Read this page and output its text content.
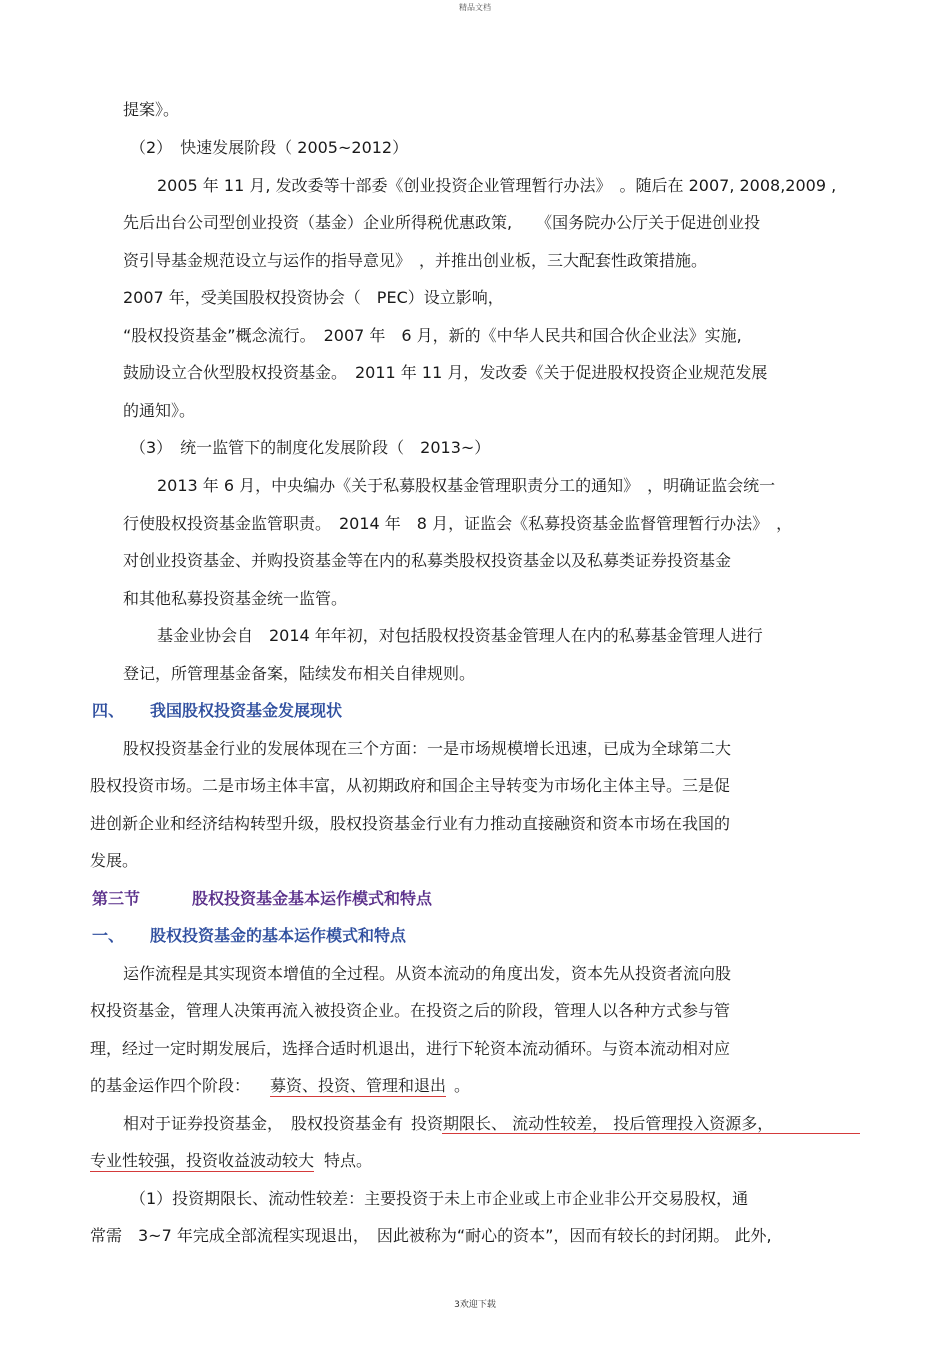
精品文档
提案》。
（2）　快速发展阶段（ 2005~2012）
2005 年 11 月, 发改委等十部委《创业投资企业管理暂行办法》　。随后在 2007, 2008,2009 ,
先后出台公司型创业投资（基金）企业所得税优惠政策,　　《国务院办公厅关于促进创业投
资引导基金规范设立与运作的指导意见》　，并推出创业板，三大配套性政策措施。
2007 年，受美国股权投资协会（　PEC）设立影响，
“股权投资基金”概念流行。　2007 年　6 月，新的《中华人民共和国合伙企业法》实施,
鼓励设立合伙型股权投资基金。　2011 年 11 月，发改委《关于促进股权投资企业规范发展
的通知》。
（3）　统一监管下的制度化发展阶段（　2013~）
2013 年 6 月，中央编办《关于私募股权基金管理职责分工的通知》　，明确证监会统一
行使股权投资基金监管职责。　2014 年　8 月，证监会《私募投资基金监督管理暂行办法》　，
对创业投资基金、并购投资基金等在内的私募类股权投资基金以及私募类证券投资基金
和其他私募投资基金统一监管。
基金业协会自　2014 年年初，对包括股权投资基金管理人在内的私募基金管理人进行
登记，所管理基金备案，陆续发布相关自律规则。
四、 我国股权投资基金发展现状
股权投资基金行业的发展体现在三个方面：一是市场规模增长迅速，已成为全球第二大
股权投资市场。二是市场主体丰富，从初期政府和国企主导转变为市场化主体主导。三是促
进创新企业和经济结构转型升级，股权投资基金行业有力推动直接融资和资本市场在我国的
发展。
第三节	股权投资基金基本运作模式和特点
一、 股权投资基金的基本运作模式和特点
运作流程是其实现资本增值的全过程。从资本流动的角度出发，资本先从投资者流向股
权投资基金，管理人决策再流入被投资企业。在投资之后的阶段，管理人以各种方式参与管
理，经过一定时期发展后，选择合适时机退出，进行下轮资本流动循环。与资本流动相对应
的基金运作四个阶段： 募资、投资、管理和退出 。
相对于证券投资基金，　股权投资基金有 投资期限长、 流动性较差， 投后管理投入资源多，
专业性较强，投资收益波动较大 特点。
（1）投资期限长、流动性较差：主要投资于未上市企业或上市企业非公开交易股权，通
常需　3~7 年完成全部流程实现退出，　因此被称为“耐心的资本”，因而有较长的封闭期。 此外,
3欢迎下载
